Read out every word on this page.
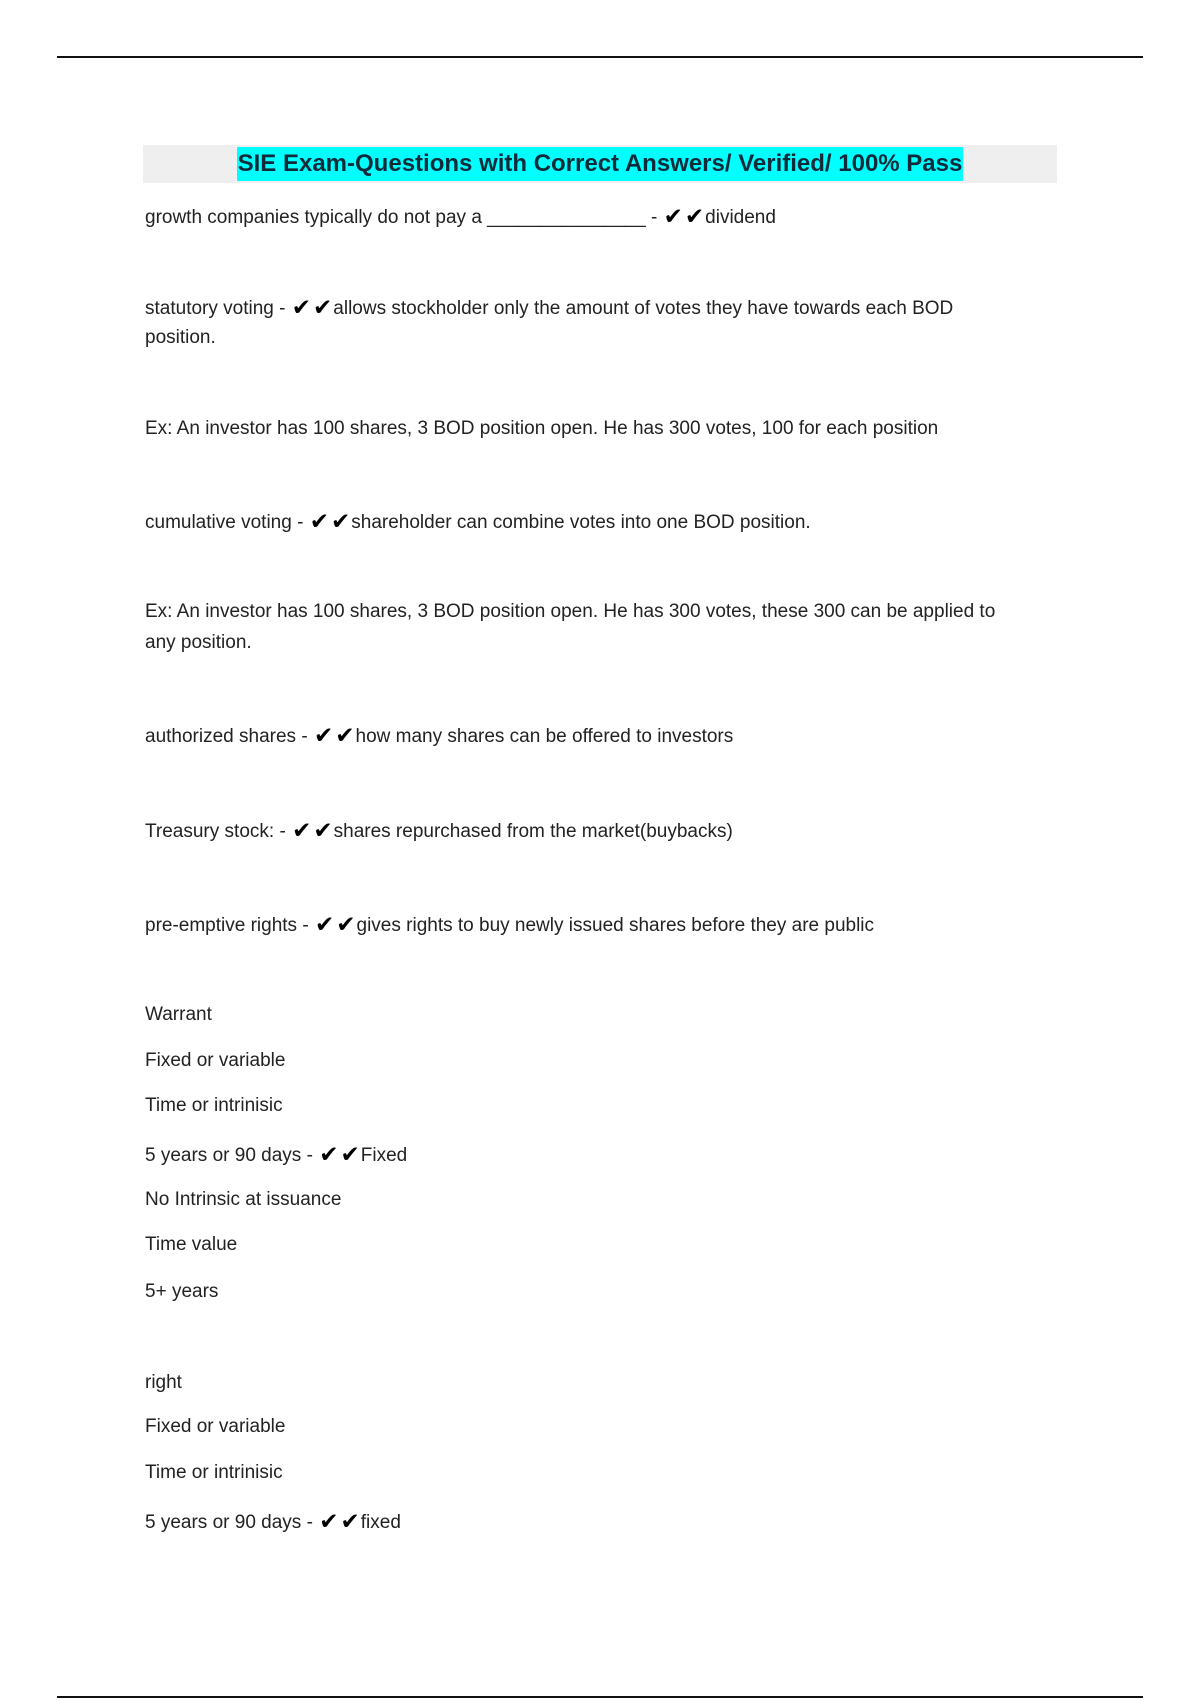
SIE Exam-Questions with Correct Answers/ Verified/ 100% Pass
growth companies typically do not pay a _______________ - ✔✔dividend
statutory voting - ✔✔allows stockholder only the amount of votes they have towards each BOD
position.
Ex: An investor has 100 shares, 3 BOD position open. He has 300 votes, 100 for each position
cumulative voting - ✔✔shareholder can combine votes into one BOD position.
Ex: An investor has 100 shares, 3 BOD position open. He has 300 votes, these 300 can be applied to
any position.
authorized shares - ✔✔how many shares can be offered to investors
Treasury stock: - ✔✔shares repurchased from the market(buybacks)
pre-emptive rights - ✔✔gives rights to buy newly issued shares before they are public
Warrant
Fixed or variable
Time or intrinisic
5 years or 90 days - ✔✔Fixed
No Intrinsic at issuance
Time value
5+ years
right
Fixed or variable
Time or intrinisic
5 years or 90 days - ✔✔fixed
